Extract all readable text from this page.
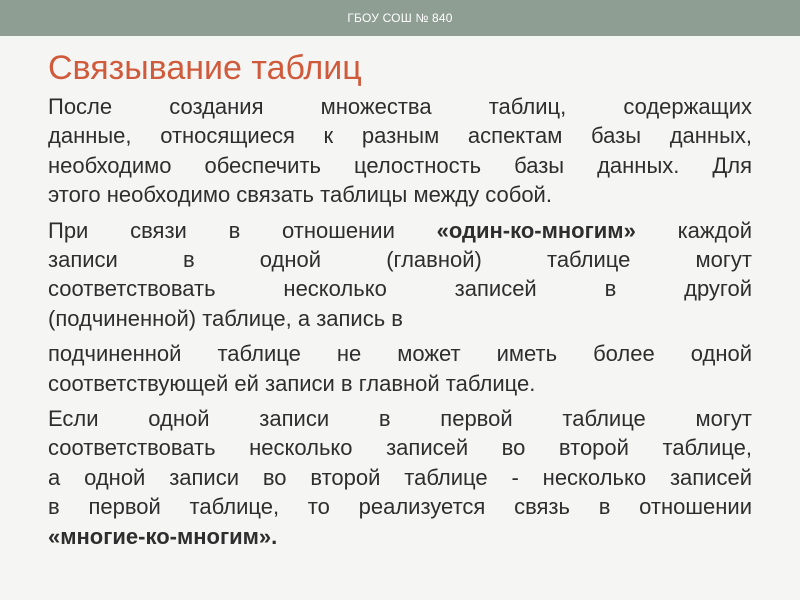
ГБОУ СОШ № 840
Связывание таблиц
После создания множества таблиц, содержащих
данные, относящиеся к разным аспектам базы данных,
необходимо обеспечить целостность базы данных. Для
этого необходимо связать таблицы между собой.
При связи в отношении «один-ко-многим» каждой
записи в одной (главной) таблице могут
соответствовать несколько записей в другой
(подчиненной) таблице, а запись в
подчиненной таблице не может иметь более одной
соответствующей ей записи в главной таблице.
Если одной записи в первой таблице могут
соответствовать несколько записей во второй таблице,
а одной записи во второй таблице - несколько записей
в первой таблице, то реализуется связь в отношении
«многие-ко-многим».
